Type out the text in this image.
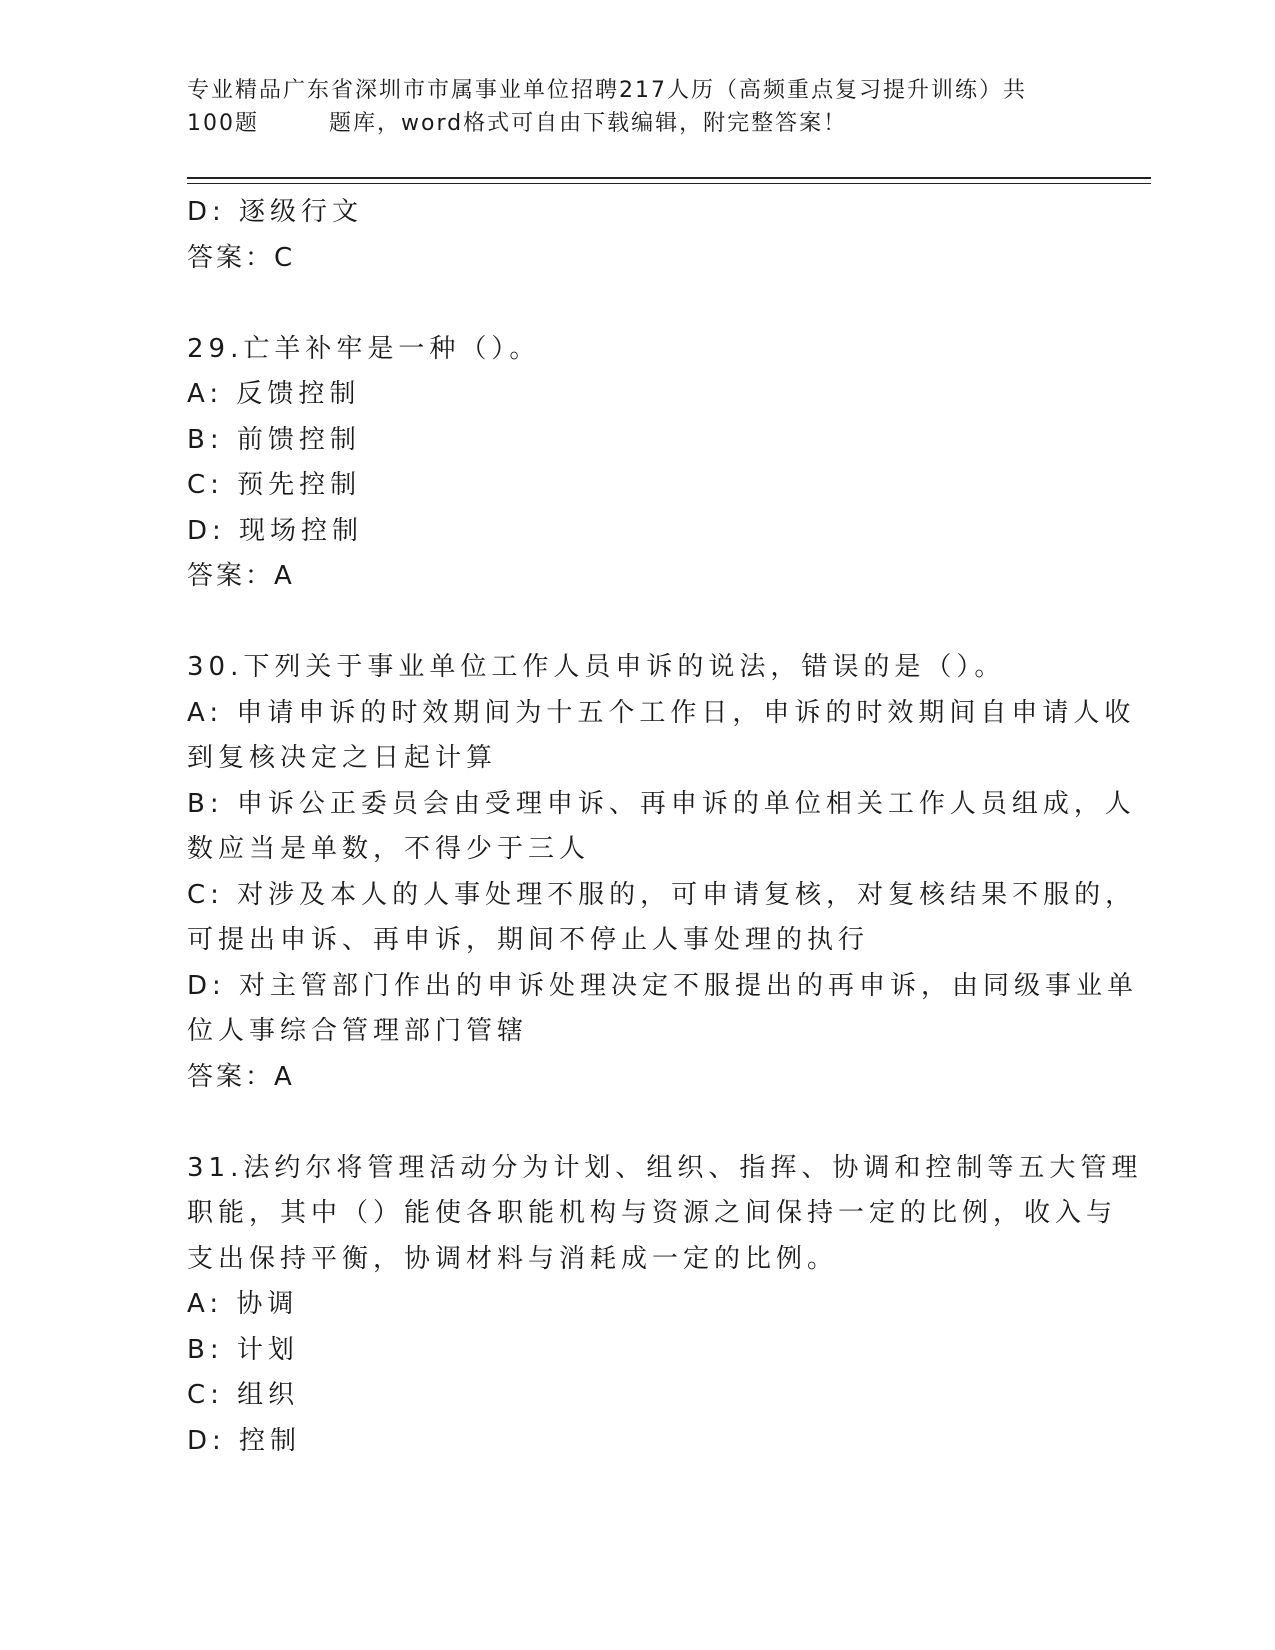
专业精品广东省深圳市市属事业单位招聘217人历（高频重点复习提升训练）共
100题	题库，word格式可自由下载编辑，附完整答案！
D: 逐级行文
答案：C
29.亡羊补牢是一种（）。
A: 反馈控制
B: 前馈控制
C: 预先控制
D: 现场控制
答案：A
30.下列关于事业单位工作人员申诉的说法，错误的是（）。
A: 申请申诉的时效期间为十五个工作日，申诉的时效期间自申请人收
到复核决定之日起计算
B: 申诉公正委员会由受理申诉、再申诉的单位相关工作人员组成，人
数应当是单数，不得少于三人
C: 对涉及本人的人事处理不服的，可申请复核，对复核结果不服的，
可提出申诉、再申诉，期间不停止人事处理的执行
D: 对主管部门作出的申诉处理决定不服提出的再申诉，由同级事业单
位人事综合管理部门管辖
答案：A
31.法约尔将管理活动分为计划、组织、指挥、协调和控制等五大管理
职能，其中（）能使各职能机构与资源之间保持一定的比例，收入与
支出保持平衡，协调材料与消耗成一定的比例。
A: 协调
B: 计划
C: 组织
D: 控制
